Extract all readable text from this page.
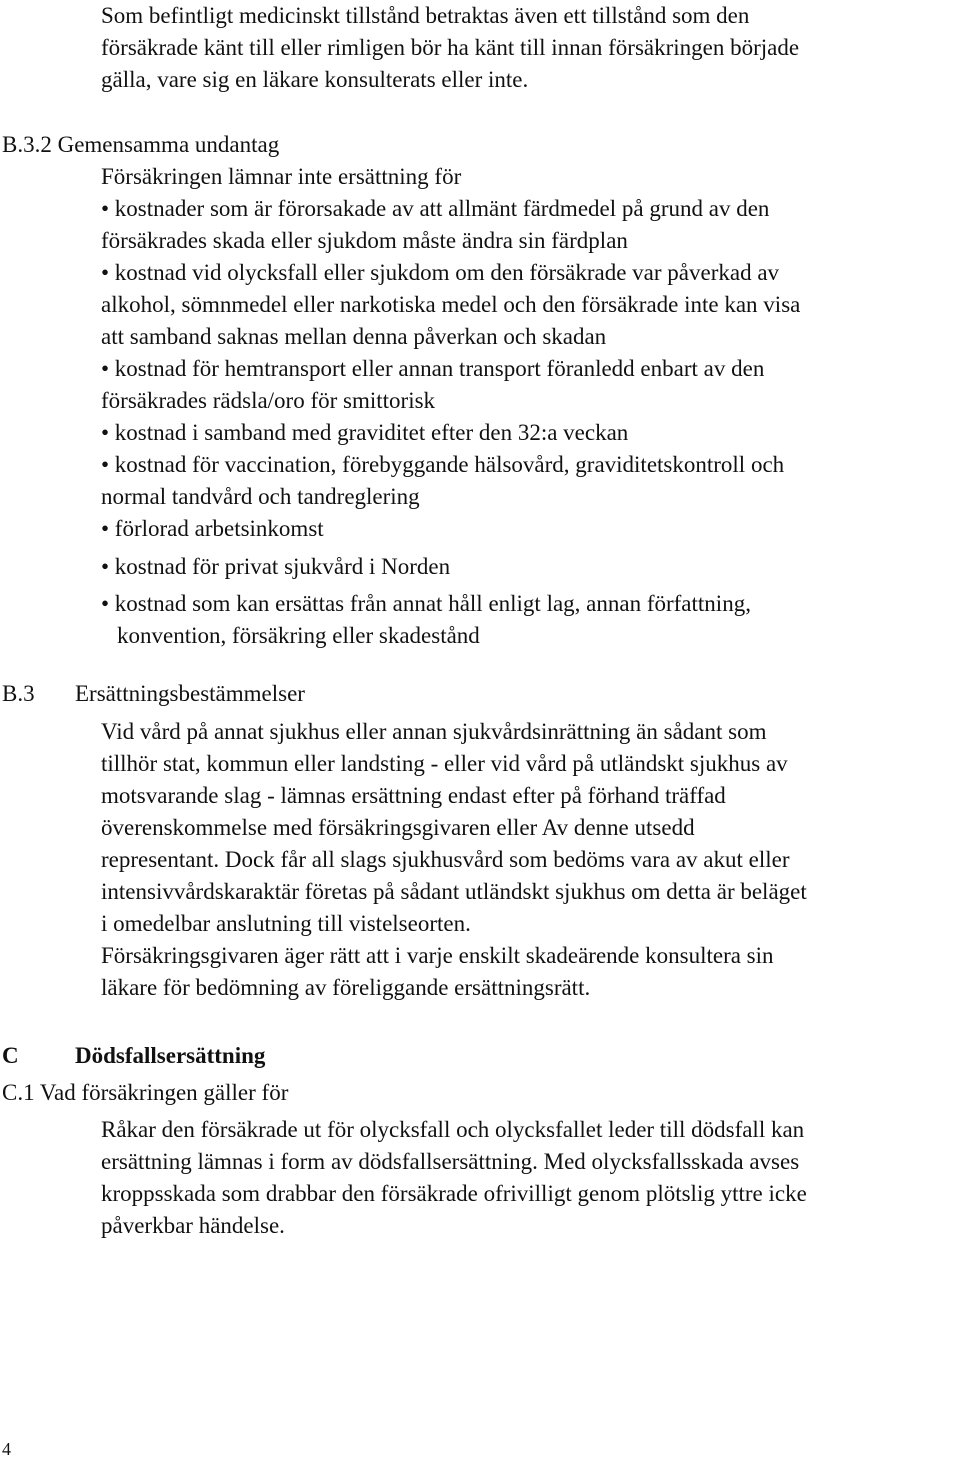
Som befintligt medicinskt tillstånd betraktas även ett tillstånd som den
försäkrade känt till eller rimligen bör ha känt till innan försäkringen började
gälla, vare sig en läkare konsulterats eller inte.
B.3.2 Gemensamma undantag
Försäkringen lämnar inte ersättning för
• kostnader som är förorsakade av att allmänt färdmedel på grund av den
försäkrades skada eller sjukdom måste ändra sin färdplan
• kostnad vid olycksfall eller sjukdom om den försäkrade var påverkad av
alkohol, sömnmedel eller narkotiska medel och den försäkrade inte kan visa
att samband saknas mellan denna påverkan och skadan
• kostnad för hemtransport eller annan transport föranledd enbart av den
försäkrades rädsla/oro för smittorisk
• kostnad i samband med graviditet efter den 32:a veckan
• kostnad för vaccination, förebyggande hälsovård, graviditetskontroll och
normal tandvård och tandreglering
• förlorad arbetsinkomst
• kostnad för privat sjukvård i Norden
• kostnad som kan ersättas från annat håll enligt lag, annan författning,
konvention, försäkring eller skadestånd
B.3 Ersättningsbestämmelser
Vid vård på annat sjukhus eller annan sjukvårdsinrättning än sådant som
tillhör stat, kommun eller landsting - eller vid vård på utländskt sjukhus av
motsvarande slag - lämnas ersättning endast efter på förhand träffad
överenskommelse med försäkringsgivaren eller Av denne utsedd
representant. Dock får all slags sjukhusvård som bedöms vara av akut eller
intensivvårdskaraktär företas på sådant utländskt sjukhus om detta är beläget
i omedelbar anslutning till vistelseorten.
Försäkringsgivaren äger rätt att i varje enskilt skadeärende konsultera sin
läkare för bedömning av föreliggande ersättningsrätt.
C Dödsfallsersättning
C.1 Vad försäkringen gäller för
Råkar den försäkrade ut för olycksfall och olycksfallet leder till dödsfall kan
ersättning lämnas i form av dödsfallsersättning. Med olycksfallsskada avses
kroppsskada som drabbar den försäkrade ofrivilligt genom plötslig yttre icke
påverkbar händelse.
4
